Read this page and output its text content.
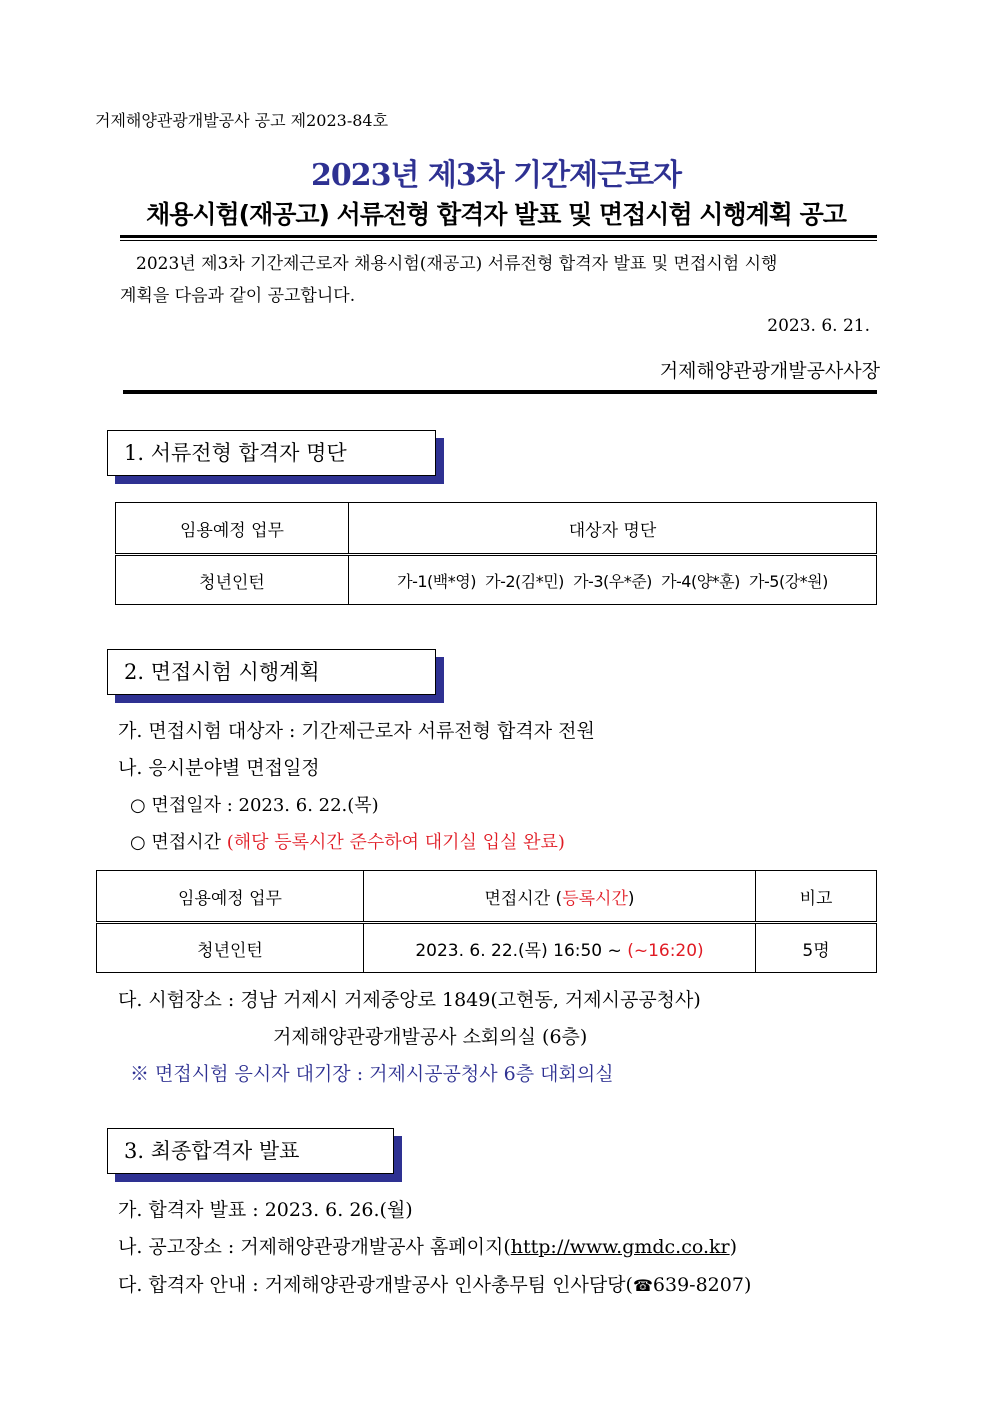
거제해양관광개발공사 공고 제2023-84호
2023년 제3차 기간제근로자
채용시험(재공고) 서류전형 합격자 발표 및 면접시험 시행계획 공고
2023년 제3차 기간제근로자 채용시험(재공고) 서류전형 합격자 발표 및 면접시험 시행
계획을 다음과 같이 공고합니다.
2023. 6. 21.
거제해양관광개발공사사장
1. 서류전형 합격자 명단
임용예정 업무	대상자 명단
청년인턴	가-1(백*영)  가-2(김*민)  가-3(우*준)  가-4(양*훈)  가-5(강*원)
2. 면접시험 시행계획
가. 면접시험 대상자 : 기간제근로자 서류전형 합격자 전원
나. 응시분야별 면접일정
○ 면접일자 : 2023. 6. 22.(목)
○ 면접시간 (해당 등록시간 준수하여 대기실 입실 완료)
임용예정 업무	면접시간 (등록시간)	비고
청년인턴	2023. 6. 22.(목) 16:50 ~ (~16:20)	5명
다. 시험장소 : 경남 거제시 거제중앙로 1849(고현동, 거제시공공청사)
거제해양관광개발공사 소회의실 (6층)
※ 면접시험 응시자 대기장 : 거제시공공청사 6층 대회의실
3. 최종합격자 발표
가. 합격자 발표 : 2023. 6. 26.(월)
나. 공고장소 : 거제해양관광개발공사 홈페이지(http://www.gmdc.co.kr)
다. 합격자 안내 : 거제해양관광개발공사 인사총무팀 인사담당(☎639-8207)
